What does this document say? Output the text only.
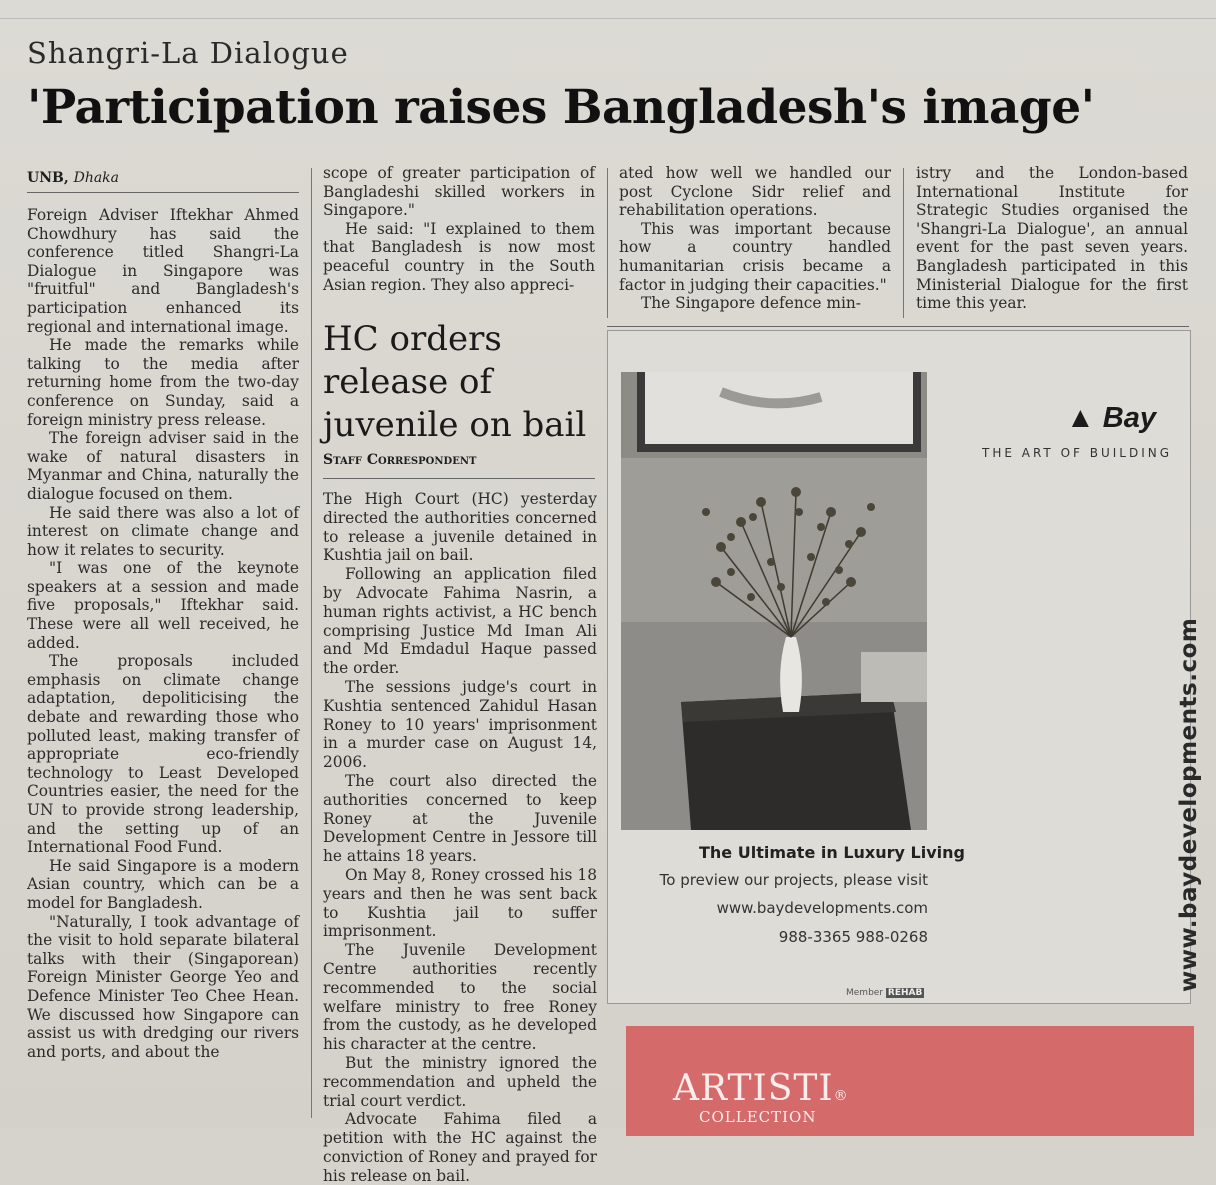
Shangri-La Dialogue
'Participation raises Bangladesh's image'
UNB, Dhaka

Foreign Adviser Iftekhar Ahmed Chowdhury has said the conference titled Shangri-La Dialogue in Singapore was "fruitful" and Bangladesh's participation enhanced its regional and international image.

He made the remarks while talking to the media after returning home from the two-day conference on Sunday, said a foreign ministry press release.

The foreign adviser said in the wake of natural disasters in Myanmar and China, naturally the dialogue focused on them.

He said there was also a lot of interest on climate change and how it relates to security.

"I was one of the keynote speakers at a session and made five proposals," Iftekhar said. These were all well received, he added.

The proposals included emphasis on climate change adaptation, depoliticising the debate and rewarding those who polluted least, making transfer of appropriate eco-friendly technology to Least Developed Countries easier, the need for the UN to provide strong leadership, and the setting up of an International Food Fund.

He said Singapore is a modern Asian country, which can be a model for Bangladesh.

"Naturally, I took advantage of the visit to hold separate bilateral talks with their (Singaporean) Foreign Minister George Yeo and Defence Minister Teo Chee Hean. We discussed how Singapore can assist us with dredging our rivers and ports, and about the

scope of greater participation of Bangladeshi skilled workers in Singapore."

He said: "I explained to them that Bangladesh is now most peaceful country in the South Asian region. They also appreci-

ated how well we handled our post Cyclone Sidr relief and rehabilitation operations.

This was important because how a country handled humanitarian crisis became a factor in judging their capacities."

The Singapore defence min-

istry and the London-based International Institute for Strategic Studies organised the 'Shangri-La Dialogue', an annual event for the past seven years. Bangladesh participated in this Ministerial Dialogue for the first time this year.

HC orders
release of
juvenile on bail
Staff Correspondent

The High Court (HC) yesterday directed the authorities concerned to release a juvenile detained in Kushtia jail on bail.

Following an application filed by Advocate Fahima Nasrin, a human rights activist, a HC bench comprising Justice Md Iman Ali and Md Emdadul Haque passed the order.

The sessions judge's court in Kushtia sentenced Zahidul Hasan Roney to 10 years' imprisonment in a murder case on August 14, 2006.

The court also directed the authorities concerned to keep Roney at the Juvenile Development Centre in Jessore till he attains 18 years.

On May 8, Roney crossed his 18 years and then he was sent back to Kushtia jail to suffer imprisonment.

The Juvenile Development Centre authorities recently recommended to the social welfare ministry to free Roney from the custody, as he developed his character at the centre.

But the ministry ignored the recommendation and upheld the trial court verdict.

Advocate Fahima filed a petition with the HC against the conviction of Roney and prayed for his release on bail.

▲ Bay
THE ART OF BUILDING
The Ultimate in Luxury Living
To preview our projects, please visit
www.baydevelopments.com
988-3365 988-0268	www.baydevelopments.com
Member REHAB
ARTISTI®
COLLECTION
